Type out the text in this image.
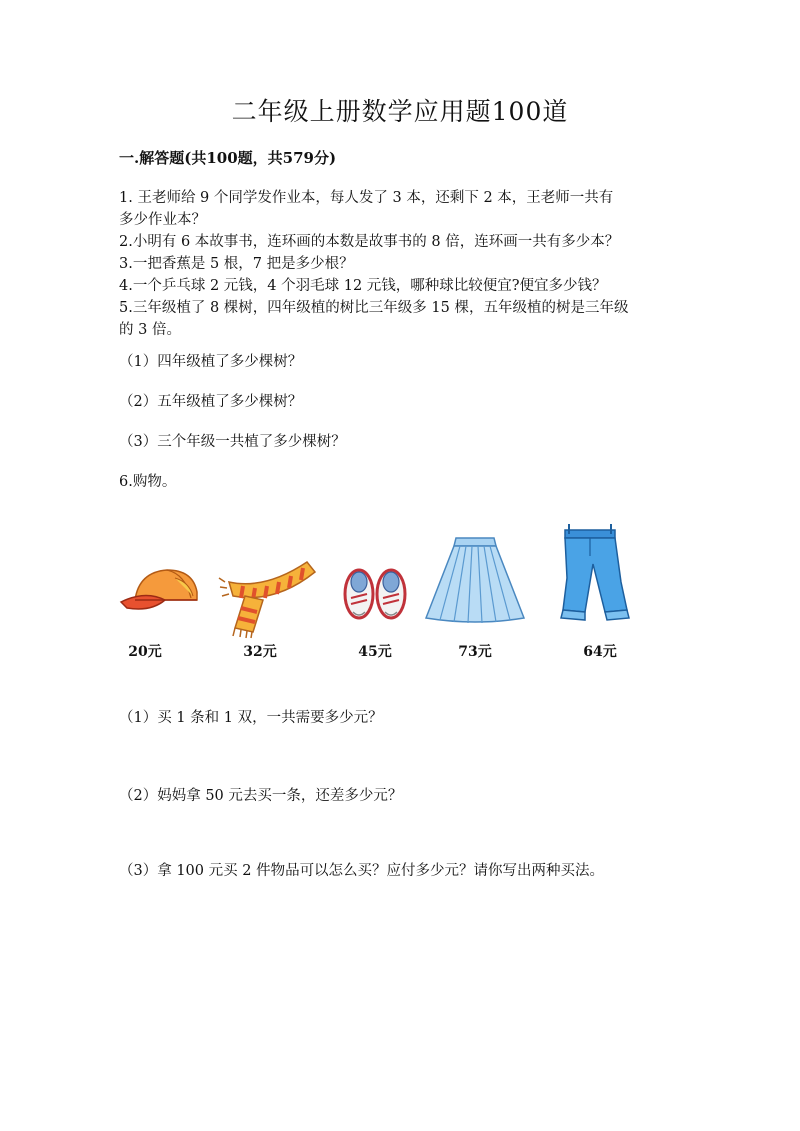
二年级上册数学应用题100道
一.解答题(共100题，共579分)
1. 王老师给 9 个同学发作业本，每人发了 3 本，还剩下 2 本，王老师一共有
多少作业本？
2.小明有 6 本故事书，连环画的本数是故事书的 8 倍，连环画一共有多少本？
3.一把香蕉是 5 根，7 把是多少根？
4.一个乒乓球 2 元钱，4 个羽毛球 12 元钱，哪种球比较便宜?便宜多少钱？
5.三年级植了 8 棵树，四年级植的树比三年级多 15 棵，五年级植的树是三年级
的 3 倍。
（1）四年级植了多少棵树？
（2）五年级植了多少棵树？
（3）三个年级一共植了多少棵树？
6.购物。
20元	32元	45元	73元	64元
（1）买 1 条和 1 双，一共需要多少元？
（2）妈妈拿 50 元去买一条，还差多少元？
（3）拿 100 元买 2 件物品可以怎么买？应付多少元？请你写出两种买法。
